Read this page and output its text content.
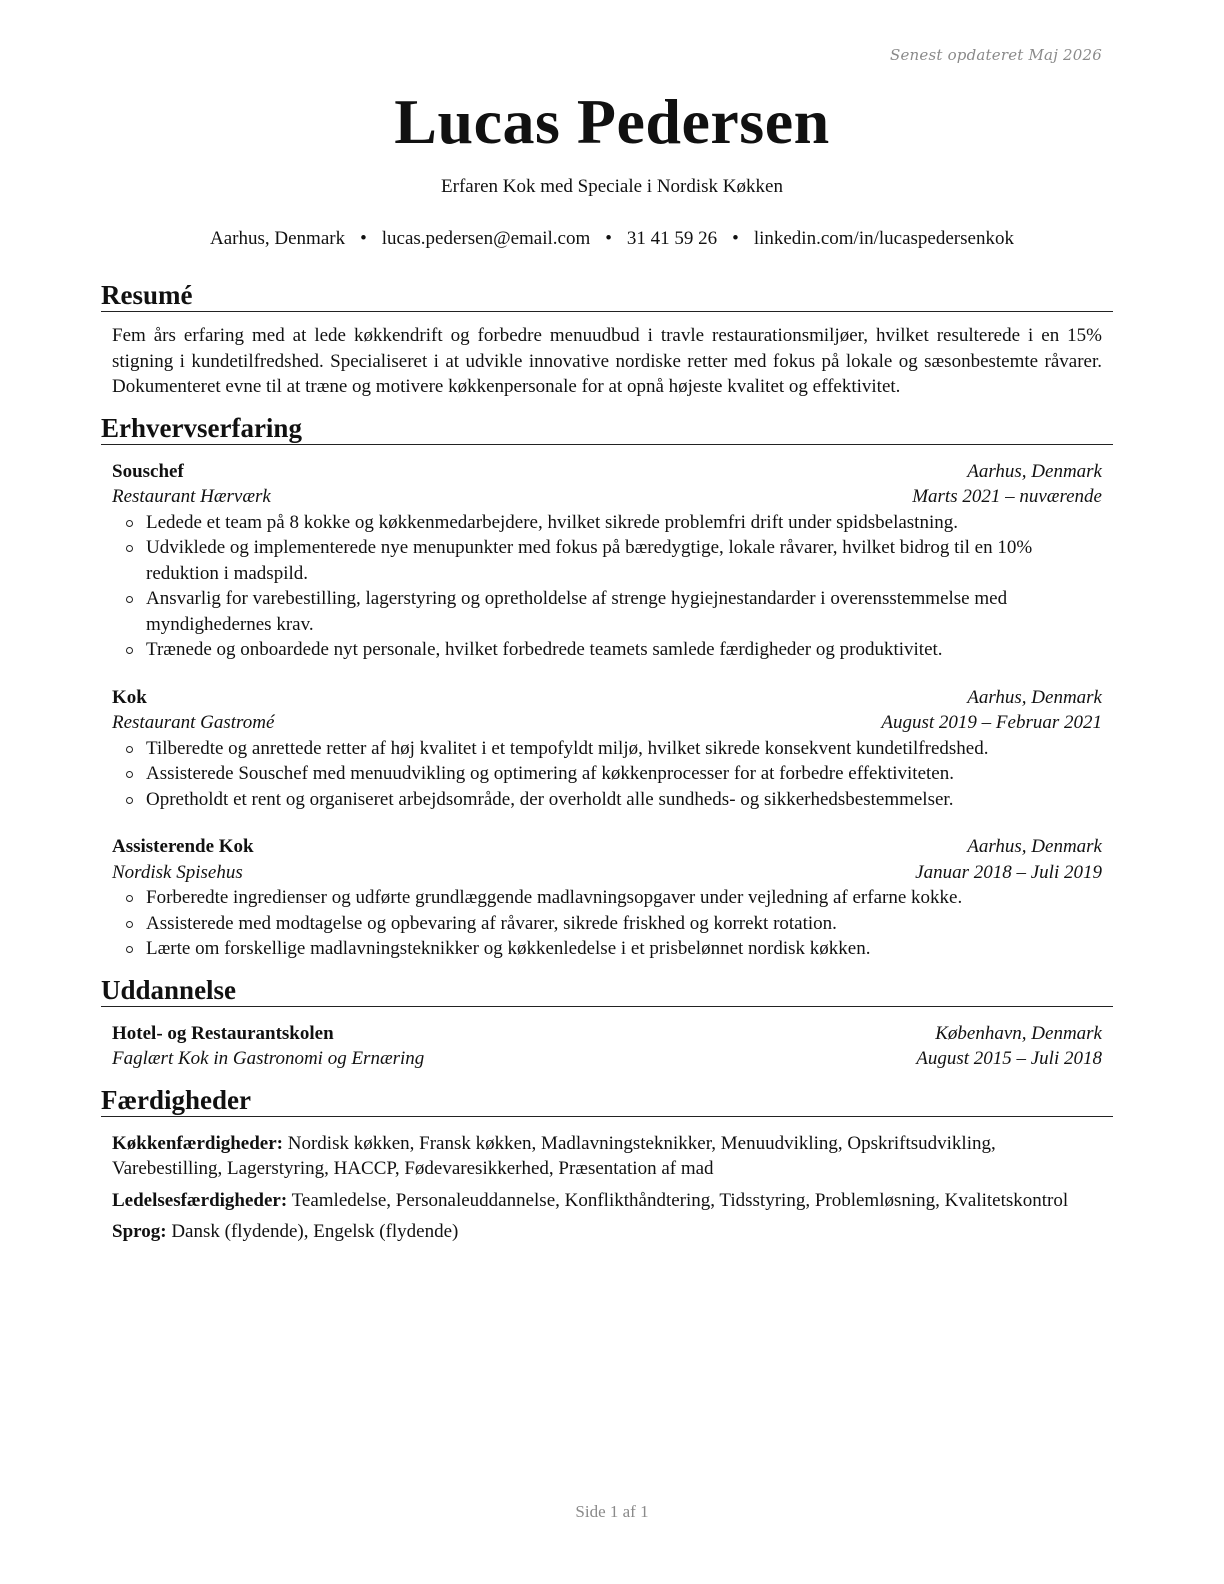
Senest opdateret Maj 2026
Lucas Pedersen
Erfaren Kok med Speciale i Nordisk Køkken
Aarhus, Denmark • lucas.pedersen@email.com • 31 41 59 26 • linkedin.com/in/lucaspedersenkok
Resumé
Fem års erfaring med at lede køkkendrift og forbedre menuudbud i travle restaurationsmiljøer, hvilket resulterede i en 15% stigning i kundetilfredshed. Specialiseret i at udvikle innovative nordiske retter med fokus på lokale og sæsonbestemte råvarer. Dokumenteret evne til at træne og motivere køkkenpersonale for at opnå højeste kvalitet og effektivitet.
Erhvervserfaring
Souschef	Aarhus, Denmark
Restaurant Hærværk	Marts 2021 – nuværende
Ledede et team på 8 kokke og køkkenmedarbejdere, hvilket sikrede problemfri drift under spidsbelastning.
Udviklede og implementerede nye menupunkter med fokus på bæredygtige, lokale råvarer, hvilket bidrog til en 10% reduktion i madspild.
Ansvarlig for varebestilling, lagerstyring og opretholdelse af strenge hygiejnestandarder i overensstemmelse med myndighedernes krav.
Trænede og onboardede nyt personale, hvilket forbedrede teamets samlede færdigheder og produktivitet.
Kok	Aarhus, Denmark
Restaurant Gastromé	August 2019 – Februar 2021
Tilberedte og anrettede retter af høj kvalitet i et tempofyldt miljø, hvilket sikrede konsekvent kundetilfredshed.
Assisterede Souschef med menuudvikling og optimering af køkkenprocesser for at forbedre effektiviteten.
Opretholdt et rent og organiseret arbejdsområde, der overholdt alle sundheds- og sikkerhedsbestemmelser.
Assisterende Kok	Aarhus, Denmark
Nordisk Spisehus	Januar 2018 – Juli 2019
Forberedte ingredienser og udførte grundlæggende madlavningsopgaver under vejledning af erfarne kokke.
Assisterede med modtagelse og opbevaring af råvarer, sikrede friskhed og korrekt rotation.
Lærte om forskellige madlavningsteknikker og køkkenledelse i et prisbelønnet nordisk køkken.
Uddannelse
Hotel- og Restaurantskolen	København, Denmark
Faglært Kok in Gastronomi og Ernæring	August 2015 – Juli 2018
Færdigheder

Køkkenfærdigheder: Nordisk køkken, Fransk køkken, Madlavningsteknikker, Menuudvikling, Opskriftsudvikling, Varebestilling, Lagerstyring, HACCP, Fødevaresikkerhed, Præsentation af mad

Ledelsesfærdigheder: Teamledelse, Personaleuddannelse, Konflikthåndtering, Tidsstyring, Problemløsning, Kvalitetskontrol

Sprog: Dansk (flydende), Engelsk (flydende)

Side 1 af 1
